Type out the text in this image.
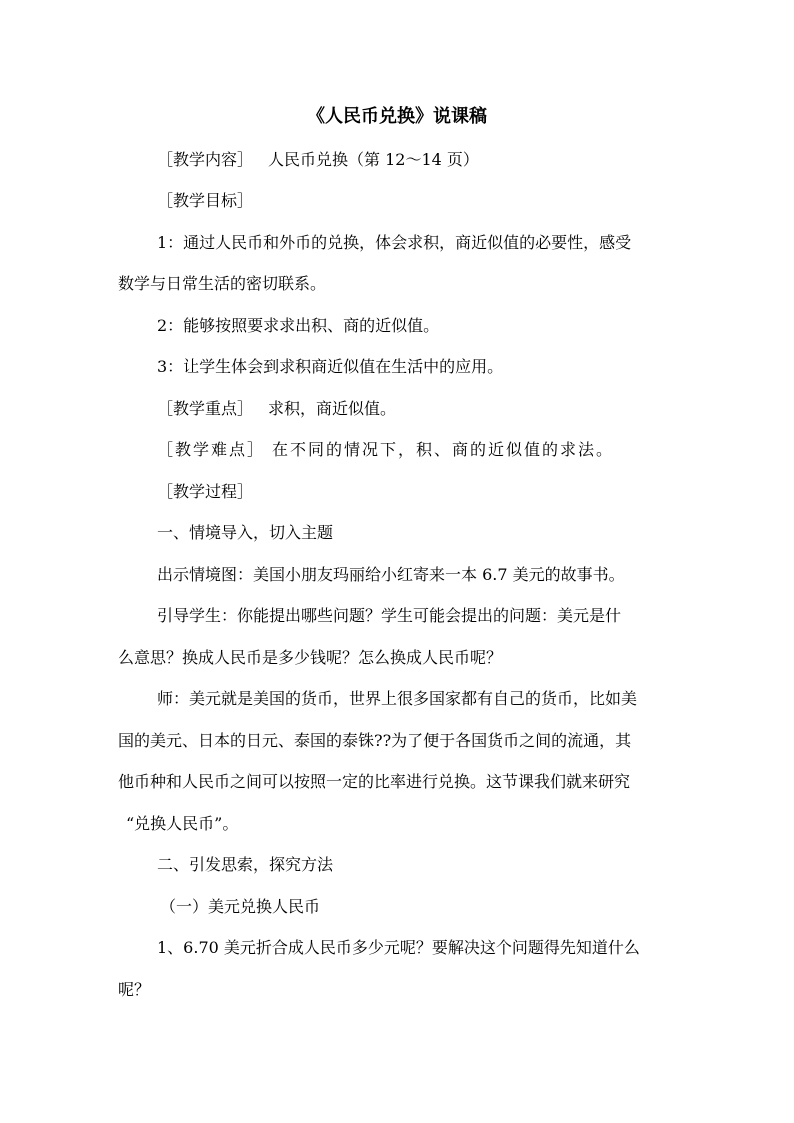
《人民币兑换》说课稿
［教学内容］ 人民币兑换（第 12～14 页）
［教学目标］
1：通过人民币和外币的兑换，体会求积，商近似值的必要性，感受
数学与日常生活的密切联系。
2：能够按照要求求出积、商的近似值。
3：让学生体会到求积商近似值在生活中的应用。
［教学重点］ 求积，商近似值。
［教学难点］ 在不同的情况下，积、商的近似值的求法。
［教学过程］
一、情境导入，切入主题
出示情境图：美国小朋友玛丽给小红寄来一本 6.7 美元的故事书。
引导学生：你能提出哪些问题？学生可能会提出的问题：美元是什
么意思？换成人民币是多少钱呢？怎么换成人民币呢？
师：美元就是美国的货币，世界上很多国家都有自己的货币，比如美
国的美元、日本的日元、泰国的泰铢??为了便于各国货币之间的流通，其
他币种和人民币之间可以按照一定的比率进行兑换。这节课我们就来研究
“兑换人民币”。
二、引发思索，探究方法
（一）美元兑换人民币
1、6.70 美元折合成人民币多少元呢？要解决这个问题得先知道什么
呢？
